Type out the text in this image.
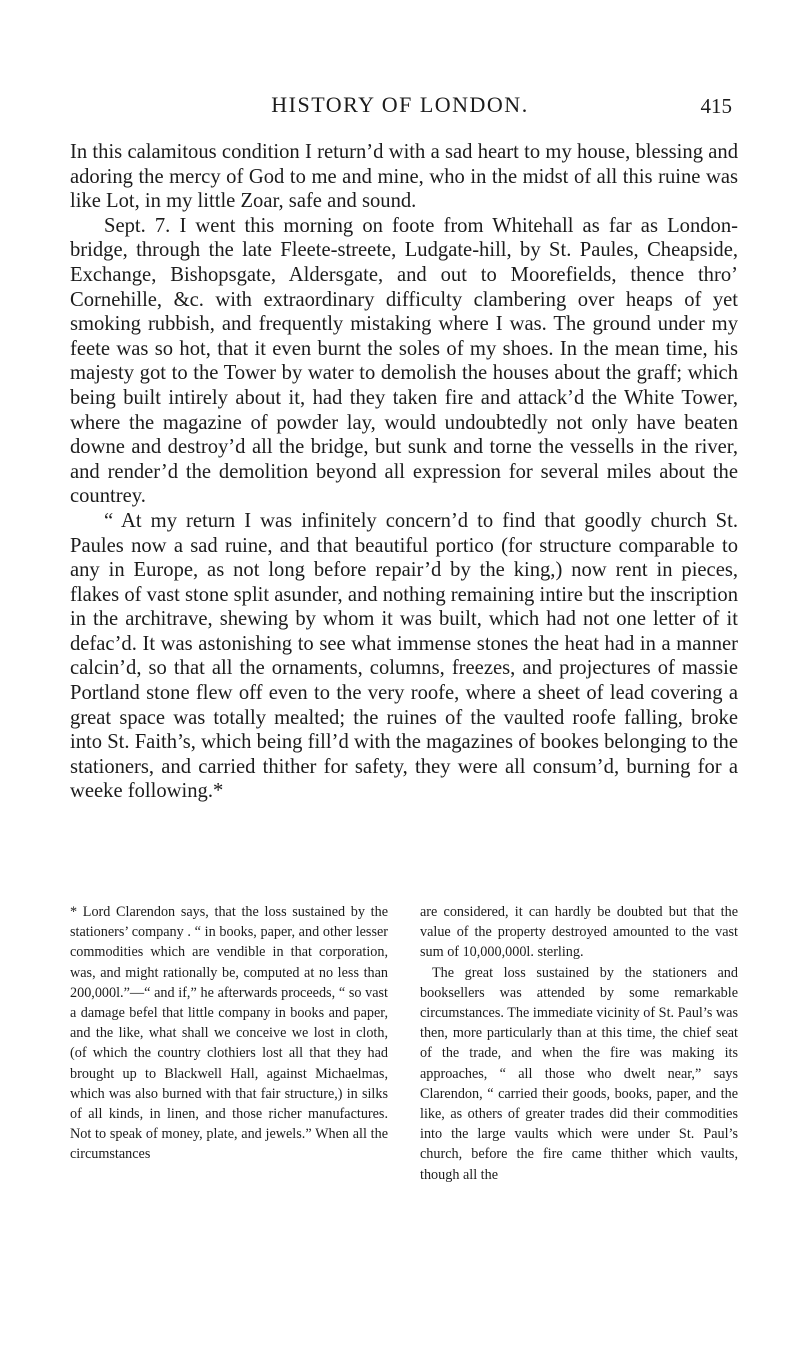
HISTORY OF LONDON.	415

In this calamitous condition I return’d with a sad heart to my house, blessing and adoring the mercy of God to me and mine, who in the midst of all this ruine was like Lot, in my little Zoar, safe and sound.

Sept. 7. I went this morning on foote from Whitehall as far as London-bridge, through the late Fleete-streete, Ludgate-hill, by St. Paules, Cheapside, Exchange, Bishopsgate, Aldersgate, and out to Moorefields, thence thro’ Cornehille, &c. with extraordinary difficulty clambering over heaps of yet smoking rubbish, and frequently mistaking where I was. The ground under my feete was so hot, that it even burnt the soles of my shoes. In the mean time, his majesty got to the Tower by water to demolish the houses about the graff; which being built intirely about it, had they taken fire and attack’d the White Tower, where the magazine of powder lay, would undoubtedly not only have beaten downe and destroy’d all the bridge, but sunk and torne the vessells in the river, and render’d the demolition beyond all expression for several miles about the countrey.

“ At my return I was infinitely concern’d to find that goodly church St. Paules now a sad ruine, and that beautiful portico (for structure comparable to any in Europe, as not long before repair’d by the king,) now rent in pieces, flakes of vast stone split asunder, and nothing remaining intire but the inscription in the architrave, shewing by whom it was built, which had not one letter of it defac’d. It was astonishing to see what immense stones the heat had in a manner calcin’d, so that all the ornaments, columns, freezes, and projectures of massie Portland stone flew off even to the very roofe, where a sheet of lead covering a great space was totally mealted; the ruines of the vaulted roofe falling, broke into St. Faith’s, which being fill’d with the magazines of bookes belonging to the stationers, and carried thither for safety, they were all consum’d, burning for a weeke following.*

* Lord Clarendon says, that the loss sustained by the stationers’ company . “ in books, paper, and other lesser commodities which are vendible in that corporation, was, and might rationally be, computed at no less than 200,000l.”—“ and if,” he afterwards proceeds, “ so vast a damage befel that little company in books and paper, and the like, what shall we conceive we lost in cloth, (of which the country clothiers lost all that they had brought up to Blackwell Hall, against Michaelmas, which was also burned with that fair structure,) in silks of all kinds, in linen, and those richer manufactures. Not to speak of money, plate, and jewels.” When all the circumstances

are considered, it can hardly be doubted but that the value of the property destroyed amounted to the vast sum of 10,000,000l. sterling.

The great loss sustained by the stationers and booksellers was attended by some remarkable circumstances. The immediate vicinity of St. Paul’s was then, more particularly than at this time, the chief seat of the trade, and when the fire was making its approaches, “ all those who dwelt near,” says Clarendon, “ carried their goods, books, paper, and the like, as others of greater trades did their commodities into the large vaults which were under St. Paul’s church, before the fire came thither which vaults, though all the
